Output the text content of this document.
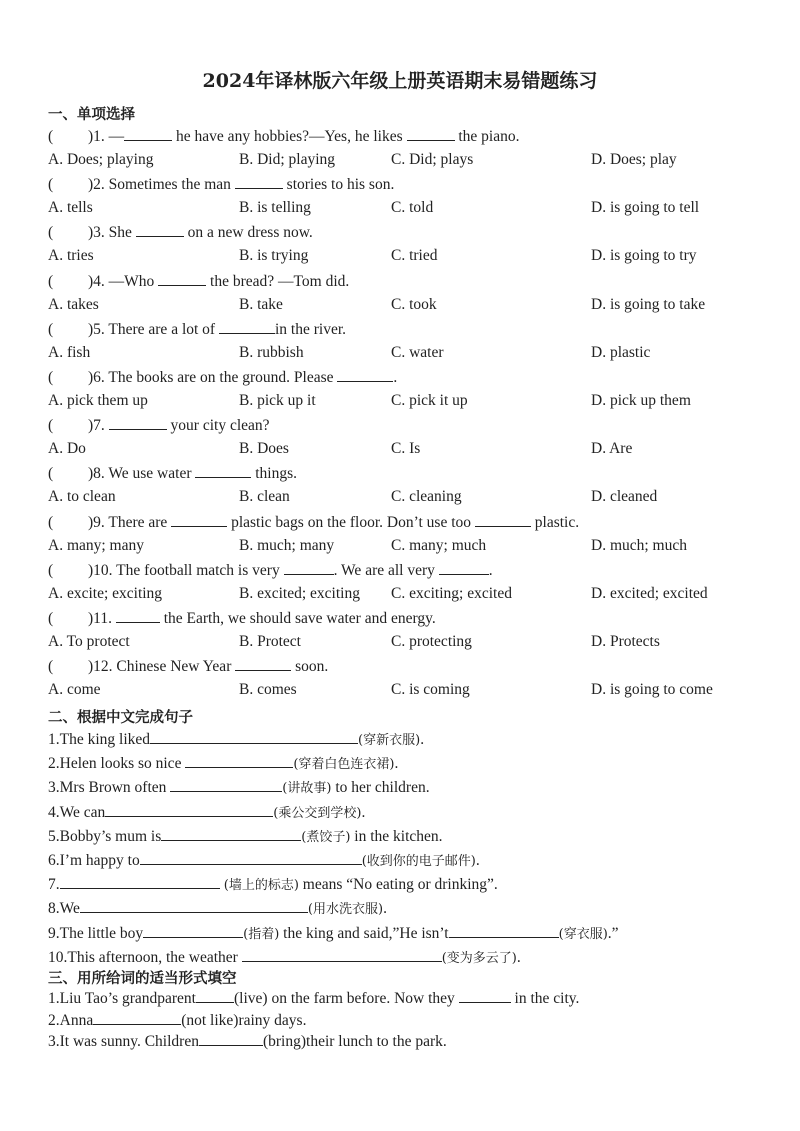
2024年译林版六年级上册英语期末易错题练习
一、单项选择
( )1. —	he have any hobbies?—Yes, he likes	the piano.
A. Does; playing	B. Did; playing	C. Did; plays	D. Does; play
( )2. Sometimes the man	stories to his son.
A. tells	B. is telling	C. told	D. is going to tell
( )3. She	on a new dress now.
A. tries	B. is trying	C. tried	D. is going to try
( )4. —Who	the bread? —Tom did.
A. takes	B. take	C. took	D. is going to take
( )5. There are a lot of	in the river.
A. fish	B. rubbish	C. water	D. plastic
( )6. The books are on the ground. Please	.
A. pick them up	B. pick up it	C. pick it up	D. pick up them
( )7.	your city clean?
A. Do	B. Does	C. Is	D. Are
( )8. We use water	things.
A. to clean	B. clean	C. cleaning	D. cleaned
( )9. There are	plastic bags on the floor. Don’t use too	plastic.
A. many; many	B. much; many	C. many; much	D. much; much
( )10. The football match is very	. We are all very	.
A. excite; exciting	B. excited; exciting C. exciting; excited	D. excited; excited
( )11.	the Earth, we should save water and energy.
A. To protect	B. Protect	C. protecting	D. Protects
( )12. Chinese New Year	soon.
A. come	B. comes	C. is coming	D. is going to come
二、根据中文完成句子
1.The king liked	(穿新衣服).
2.Helen looks so nice	(穿着白色连衣裙).
3.Mrs Brown often	(讲故事) to her children.
4.We can	(乘公交到学校).
5.Bobby’s mum is	(煮饺子) in the kitchen.
6.I’m happy to	(收到你的电子邮件).
7.	(墙上的标志) means “No eating or drinking”.
8.We	(用水洗衣服).
9.The little boy	(指着) the king and said,”He isn’t	(穿衣服).”
10.This afternoon, the weather	(变为多云了).
三、用所给词的适当形式填空
1.Liu Tao’s grandparent (live) on the farm before. Now they	in the city.
2.Anna	(not like)rainy days.
3.It was sunny. Children	(bring)their lunch to the park.
